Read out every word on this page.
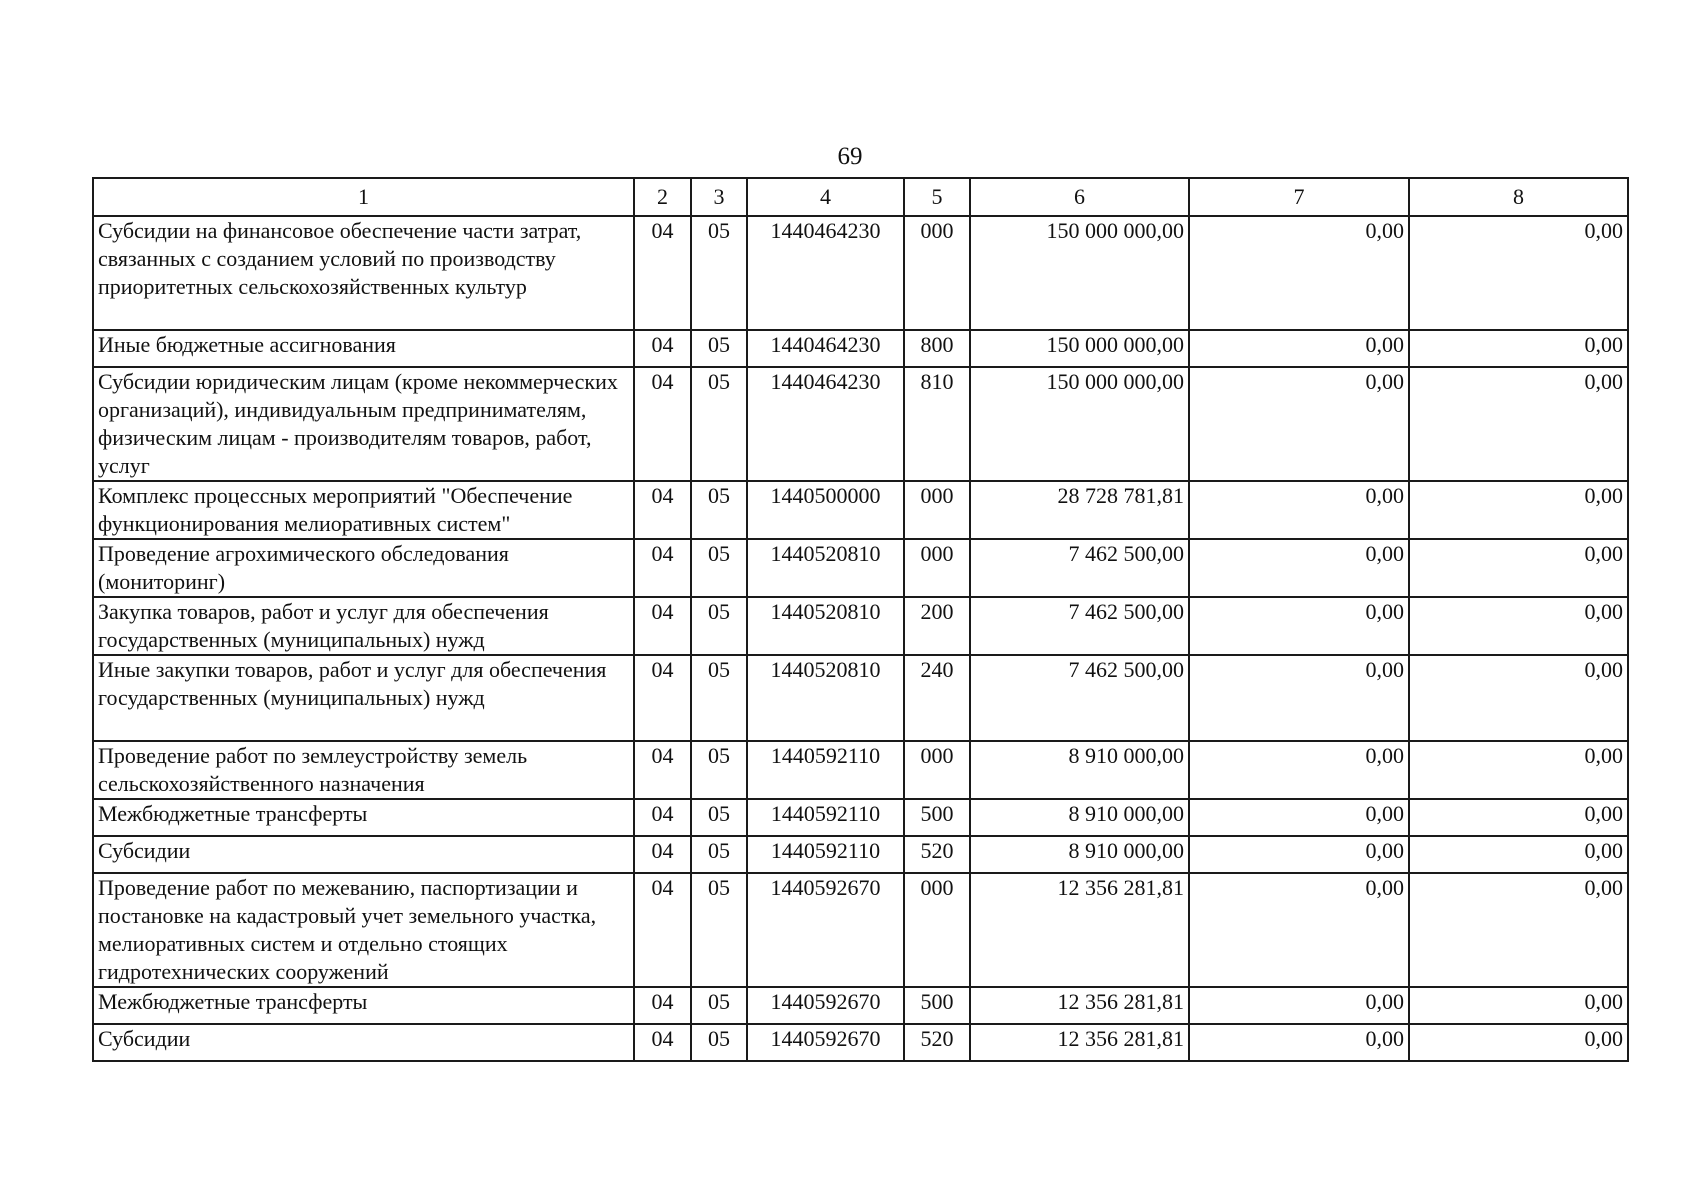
69
1	2	3	4	5	6	7	8
Субсидии на финансовое обеспечение части затрат, связанных с созданием условий по производству приоритетных сельскохозяйственных культур	04	05	1440464230	000	150 000 000,00	0,00	0,00
Иные бюджетные ассигнования	04	05	1440464230	800	150 000 000,00	0,00	0,00
Субсидии юридическим лицам (кроме некоммерческих организаций), индивидуальным предпринимателям, физическим лицам - производителям товаров, работ, услуг	04	05	1440464230	810	150 000 000,00	0,00	0,00
Комплекс процессных мероприятий "Обеспечение функционирования мелиоративных систем"	04	05	1440500000	000	28 728 781,81	0,00	0,00
Проведение агрохимического обследования (мониторинг)	04	05	1440520810	000	7 462 500,00	0,00	0,00
Закупка товаров, работ и услуг для обеспечения государственных (муниципальных) нужд	04	05	1440520810	200	7 462 500,00	0,00	0,00
Иные закупки товаров, работ и услуг для обеспечения государственных (муниципальных) нужд	04	05	1440520810	240	7 462 500,00	0,00	0,00
Проведение работ по землеустройству земель сельскохозяйственного назначения	04	05	1440592110	000	8 910 000,00	0,00	0,00
Межбюджетные трансферты	04	05	1440592110	500	8 910 000,00	0,00	0,00
Субсидии	04	05	1440592110	520	8 910 000,00	0,00	0,00
Проведение работ по межеванию, паспортизации и постановке на кадастровый учет земельного участка, мелиоративных систем и отдельно стоящих гидротехнических сооружений	04	05	1440592670	000	12 356 281,81	0,00	0,00
Межбюджетные трансферты	04	05	1440592670	500	12 356 281,81	0,00	0,00
Субсидии	04	05	1440592670	520	12 356 281,81	0,00	0,00
